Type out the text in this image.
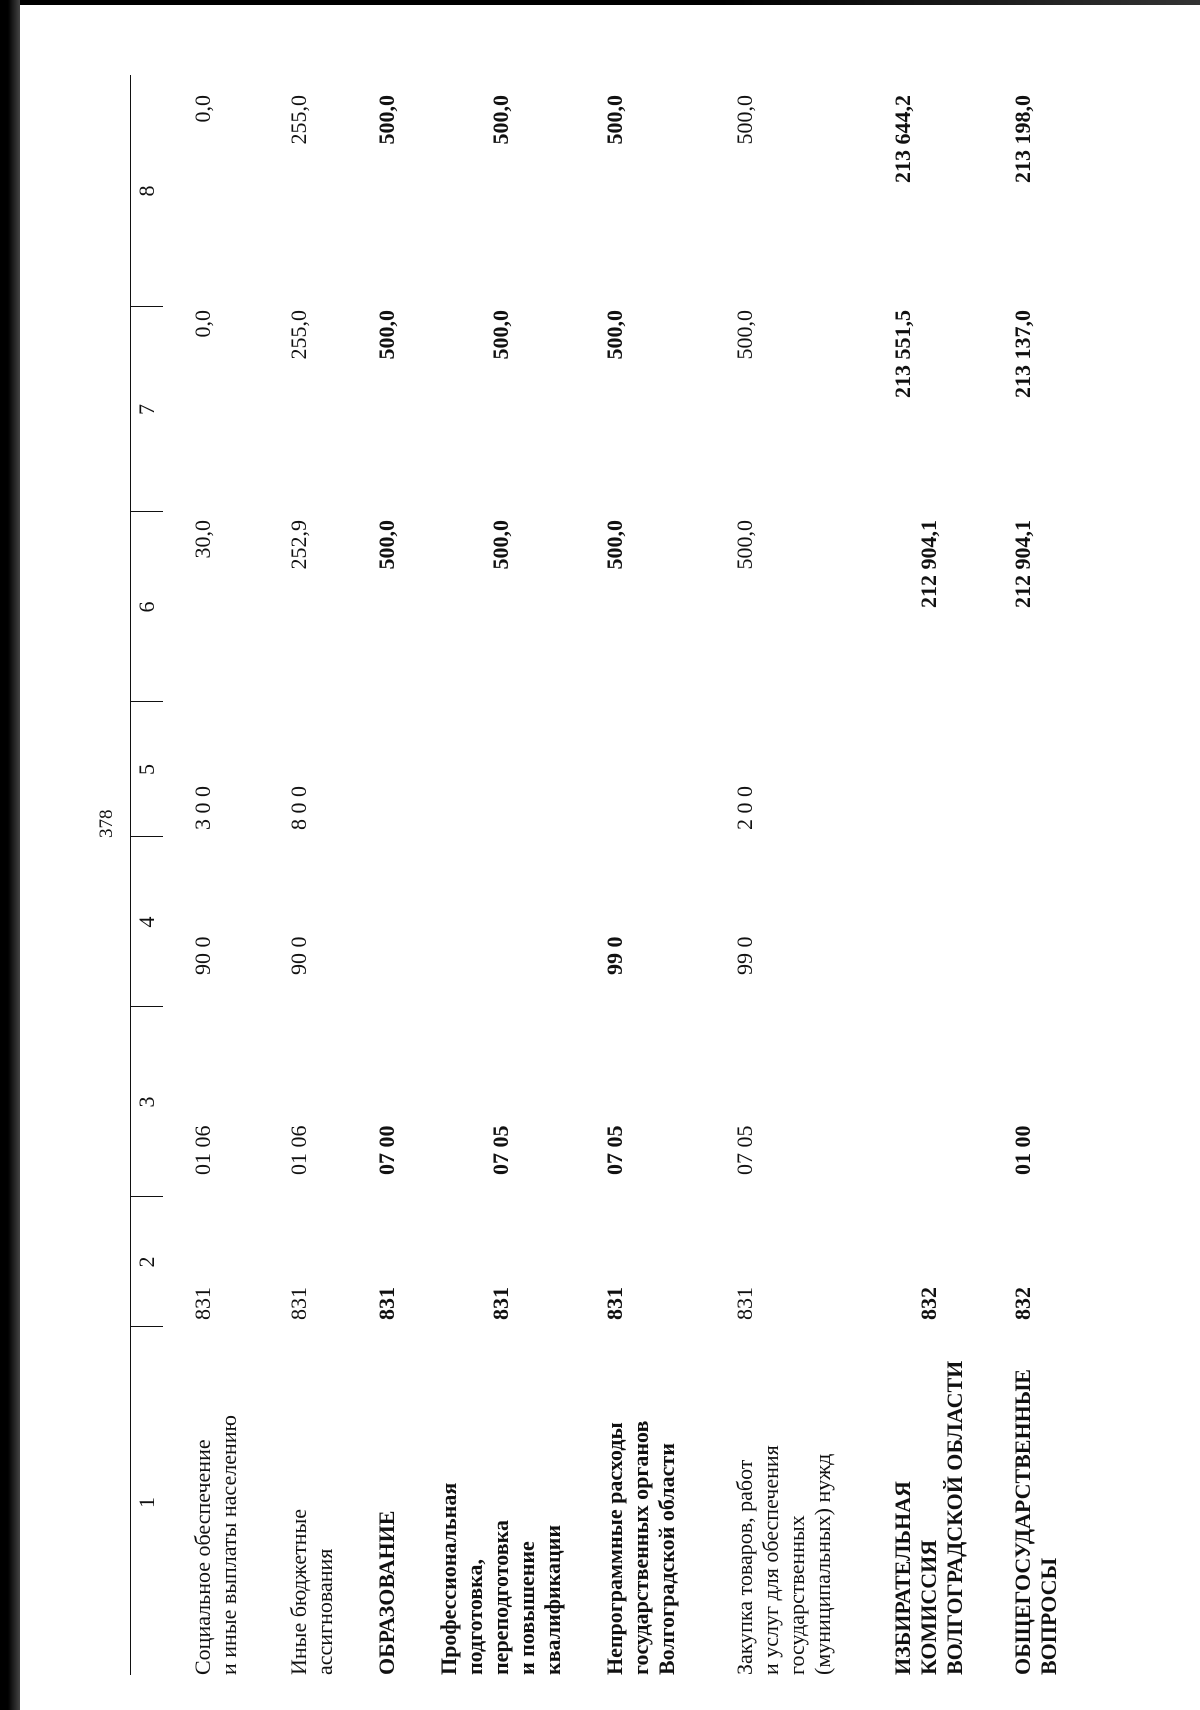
378
1
2
3
4
5
6
7
8
Социальное обеспечение
и иные выплаты населению
831
01 06
90 0
3 0 0
30,0
0,0
0,0
Иные бюджетные
ассигнования
831
01 06
90 0
8 0 0
252,9
255,0
255,0
ОБРАЗОВАНИЕ
831
07 00
500,0
500,0
500,0
Профессиональная
подготовка,
переподготовка
и повышение
квалификации
831
07 05
500,0
500,0
500,0
Непрограммные расходы
государственных органов
Волгоградской области
831
07 05
99 0
500,0
500,0
500,0
Закупка товаров, работ
и услуг для обеспечения
государственных
(муниципальных) нужд
831
07 05
99 0
2 0 0
500,0
500,0
500,0
ИЗБИРАТЕЛЬНАЯ
КОМИССИЯ
ВОЛГОГРАДСКОЙ ОБЛАСТИ
832
212 904,1
213 551,5
213 644,2
ОБЩЕГОСУДАРСТВЕННЫЕ
ВОПРОСЫ
832
01 00
212 904,1
213 137,0
213 198,0
